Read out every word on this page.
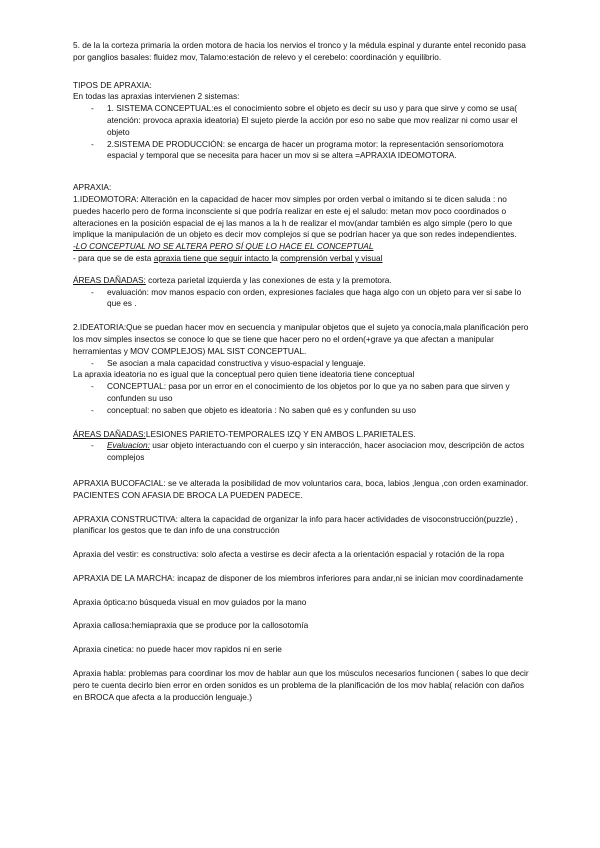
5. de la la corteza primaria la orden motora de hacia los nervios el tronco y la médula espinal y durante entel reconido pasa por ganglios basales: fluidez mov, Talamo:estación de relevo y el cerebelo: coordinación y equilibrio.

TIPOS DE APRAXIA:

En todas las apraxias intervienen 2 sistemas:

- 1. SISTEMA CONCEPTUAL:es el conocimiento sobre el objeto es decir su uso y para que sirve y como se usa( atención: provoca apraxia ideatoria) El sujeto pierde la acción por eso no sabe que mov realizar ni como usar el objeto
- 2.SISTEMA DE PRODUCCIÓN: se encarga de hacer un programa motor: la representación sensoriomotora espacial y temporal que se necesita para hacer un mov si se altera =APRAXIA IDEOMOTORA.

APRAXIA:

1.IDEOMOTORA: Alteración en la capacidad de hacer mov simples por orden verbal o imitando si te dicen saluda : no puedes hacerlo pero de forma inconsciente si que podría realizar en este ej el saludo: metan mov poco coordinados o alteraciones en la posición espacial de ej las manos a la h de realizar el mov(andar también es algo simple (pero lo que implique la manipulación de un objeto es decir mov complejos si que se podrían hacer ya que son redes independientes.

-LO CONCEPTUAL NO SE ALTERA PERO SÍ QUE LO HACE EL CONCEPTUAL

- para que se de esta apraxia tiene que seguir intacto la comprensión verbal y visual

ÁREAS DAÑADAS: corteza parietal izquierda y las conexiones de esta y la premotora.

- evaluación: mov manos espacio con orden, expresiones faciales que haga algo con un objeto para ver si sabe lo que es .

2.IDEATORIA:Que se puedan hacer mov en secuencia y manipular objetos que el sujeto ya conocía,mala planificación pero los mov simples insectos se conoce lo que se tiene que hacer pero no el orden(+grave ya que afectan a manipular herramientas y MOV COMPLEJOS) MAL SIST CONCEPTUAL.

- Se asocian a mala capacidad constructiva y visuo-espacial y lenguaje.

La apraxia ideatoria no es igual que la conceptual pero quien tiene ideatoria tiene conceptual

- CONCEPTUAL: pasa por un error en el conocimiento de los objetos por lo que ya no saben para que sirven y confunden su uso
- conceptual: no saben que objeto es ideatoria : No saben qué es y confunden su uso

ÁREAS DAÑADAS:LESIONES PARIETO-TEMPORALES IZQ Y EN AMBOS L.PARIETALES.

- Evaluacion: usar objeto interactuando con el cuerpo y sin interacción, hacer asociacion mov, descripción de actos complejos

APRAXIA BUCOFACIAL: se ve alterada la posibilidad de mov voluntarios cara, boca, labios ,lengua ,con orden examinador. PACIENTES CON AFASIA DE BROCA LA PUEDEN PADECE.

APRAXIA CONSTRUCTIVA: altera la capacidad de organizar la info para hacer actividades de visoconstrucción(puzzle) , planificar los gestos que te dan info de una construcción

Apraxia del vestir: es constructiva: solo afecta a vestirse es decir afecta a la orientación espacial y rotación de la ropa

APRAXIA DE LA MARCHA: incapaz de disponer de los miembros inferiores para andar,ni se inician mov coordinadamente

Apraxia óptica:no búsqueda visual en mov guiados por la mano

Apraxia callosa:hemiapraxia que se produce por la callosotomía

Apraxia cinetica: no puede hacer mov rapidos ni en serie

Apraxia habla: problemas para coordinar los mov de hablar aun que los músculos necesarios funcionen ( sabes lo que decir pero te cuenta decirlo bien error en orden sonidos es un problema de la planificación de los mov habla( relación con daños en BROCA que afecta a la producción lenguaje.)
